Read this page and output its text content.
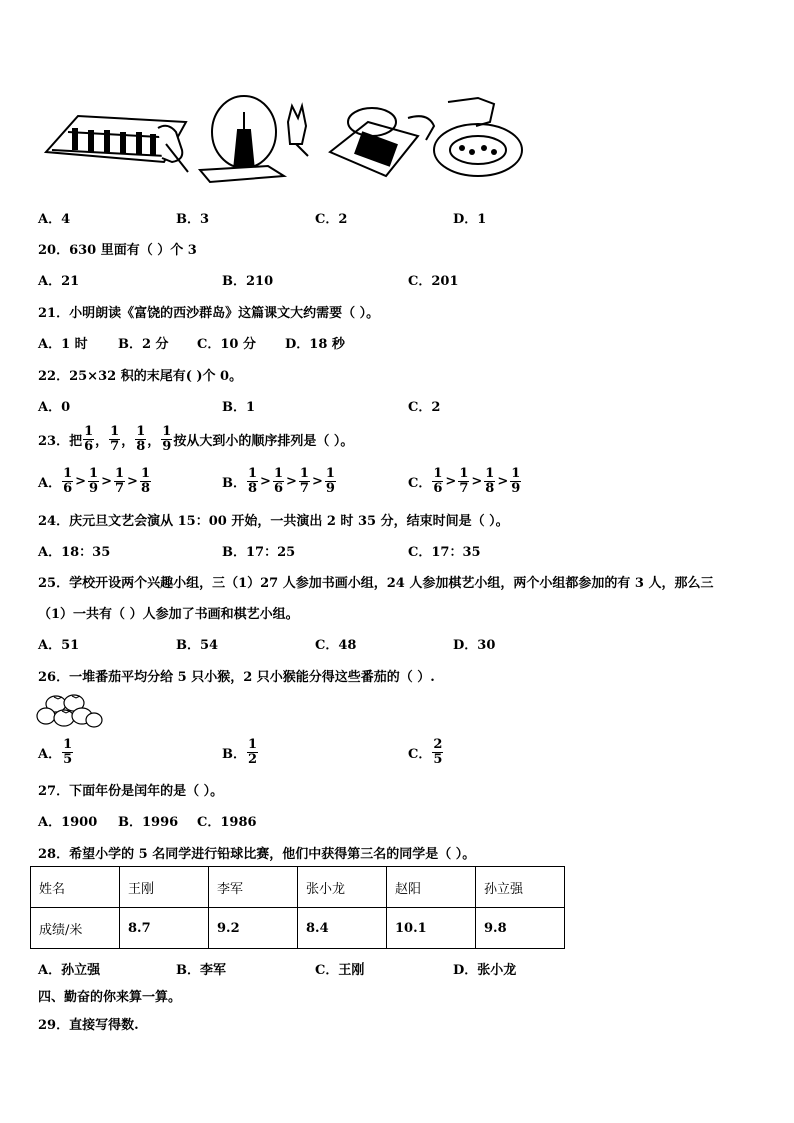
A．4	B．3	C．2	D．1
20．630 里面有（ ）个 3
A．21	B．210	C．201
21．小明朗读《富饶的西沙群岛》这篇课文大约需要（ ）。
A．1 时 B．2 分 C．10 分 D．18 秒
22．25×32 积的末尾有( )个 0。
A．0	B．1	C．2
23．把 $\frac{1}{6}$ ， $\frac{1}{7}$ ， $\frac{1}{8}$ ， $\frac{1}{9}$ 按从大到小的顺序排列是（ ）。
A． $\frac{1}{6} > \frac{1}{9} > \frac{1}{7} > \frac{1}{8}$	B． $\frac{1}{8} > \frac{1}{6} > \frac{1}{7} > \frac{1}{9}$	C． $\frac{1}{6} > \frac{1}{7} > \frac{1}{8} > \frac{1}{9}$
24．庆元旦文艺会演从 15：00 开始，一共演出 2 时 35 分，结束时间是（ ）。
A．18：35	B．17：25	C．17：35
25．学校开设两个兴趣小组，三（1）27 人参加书画小组，24 人参加棋艺小组，两个小组都参加的有 3 人，那么三
（1）一共有（ ）人参加了书画和棋艺小组。
A．51	B．54	C．48	D．30
26．一堆番茄平均分给 5 只小猴，2 只小猴能分得这些番茄的（ ）.
A． $\frac{1}{5}$	B． $\frac{1}{2}$	C． $\frac{2}{5}$
27．下面年份是闰年的是（ ）。
A．1900 B．1996 C．1986
28．希望小学的 5 名同学进行铅球比赛，他们中获得第三名的同学是（ ）。
姓名	王刚	李军	张小龙	赵阳	孙立强
成绩/米	8.7	9.2	8.4	10.1	9.8
A．孙立强	B．李军	C．王刚	D．张小龙
四、勤奋的你来算一算。
29．直接写得数.
